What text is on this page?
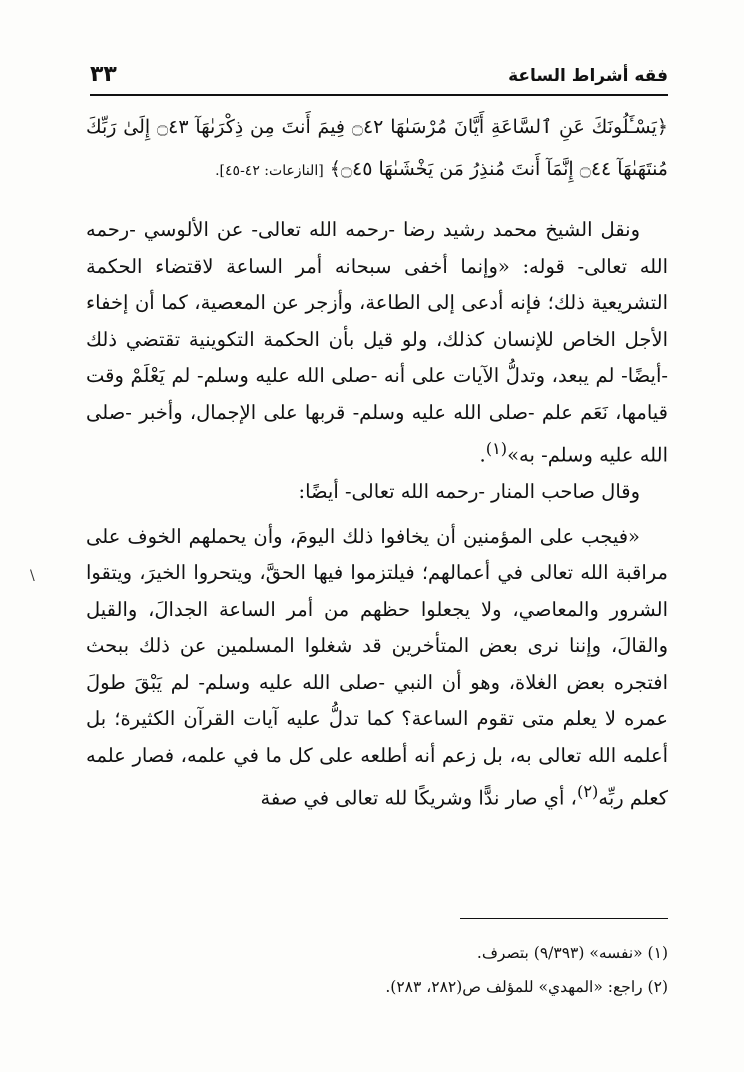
فقه أشراط الساعة
٣٣
﴿يَسْـَٔلُونَكَ عَنِ ٱلسَّاعَةِ أَيَّانَ مُرْسَىٰهَا ۝٤٢ فِيمَ أَنتَ مِن ذِكْرَىٰهَآ ۝٤٣ إِلَىٰ رَبِّكَ مُنتَهَىٰهَآ ۝٤٤ إِنَّمَآ أَنتَ مُنذِرُ مَن يَخْشَىٰهَا ۝٤٥﴾ [النازعات: ٤٢-٤٥].

ونقل الشيخ محمد رشيد رضا -رحمه الله تعالى- عن الألوسي -رحمه الله تعالى- قوله: «وإنما أخفى سبحانه أمر الساعة لاقتضاء الحكمة التشريعية ذلك؛ فإنه أدعى إلى الطاعة، وأزجر عن المعصية، كما أن إخفاء الأجل الخاص للإنسان كذلك، ولو قيل بأن الحكمة التكوينية تقتضي ذلك -أيضًا- لم يبعد، وتدلُّ الآيات على أنه -صلى الله عليه وسلم- لم يَعْلَمْ وقت قيامها، نَعَم علم -صلى الله عليه وسلم- قربها على الإجمال، وأخبر -صلى الله عليه وسلم- به»$^{(١)}$.

وقال صاحب المنار -رحمه الله تعالى- أيضًا:

«فيجب على المؤمنين أن يخافوا ذلك اليومَ، وأن يحملهم الخوف على مراقبة الله تعالى في أعمالهم؛ فيلتزموا فيها الحقَّ، ويتحروا الخيرَ، ويتقوا الشرور والمعاصي، ولا يجعلوا حظهم من أمر الساعة الجدالَ، والقيل والقالَ، وإننا نرى بعض المتأخرين قد شغلوا المسلمين عن ذلك ببحث افتجره بعض الغلاة، وهو أن النبي -صلى الله عليه وسلم- لم يَبْقَ طولَ عمره لا يعلم متى تقوم الساعة؟ كما تدلُّ عليه آيات القرآن الكثيرة؛ بل أعلمه الله تعالى به، بل زعم أنه أطلعه على كل ما في علمه، فصار علمه كعلم ربِّه$^{(٢)}$، أي صار ندًّا وشريكًا لله تعالى في صفة

\

(١) «نفسه» (٩/٣٩٣) بتصرف.

(٢) راجع: «المهدي» للمؤلف ص(٢٨٢، ٢٨٣).
